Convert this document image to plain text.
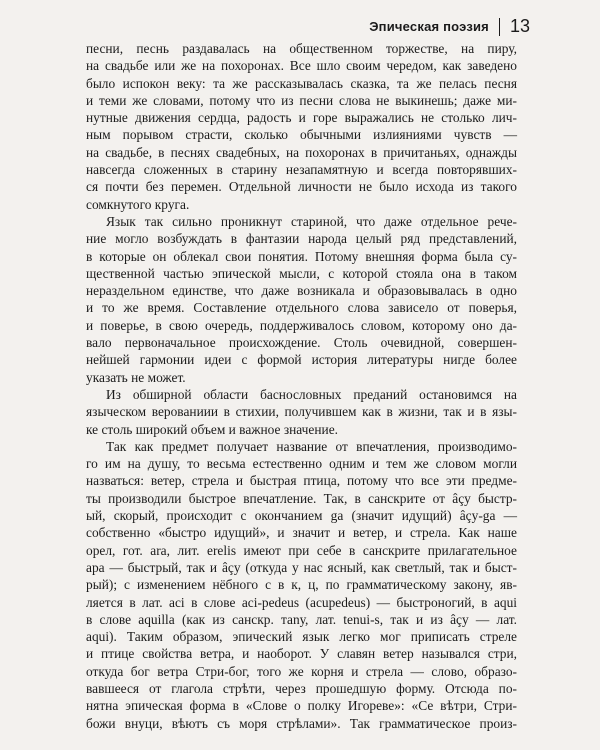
Эпическая поэзия 13
песни, песнь раздавалась на общественном торжестве, на пиру,
на свадьбе или же на похоронах. Все шло своим чередом, как заведено
было испокон веку: та же рассказывалась сказка, та же пелась песня
и теми же словами, потому что из песни слова не выкинешь; даже ми-
нутные движения сердца, радость и горе выражались не столько лич-
ным порывом страсти, сколько обычными излияниями чувств —
на свадьбе, в песнях свадебных, на похоронах в причитаньях, однажды
навсегда сложенных в старину незапамятную и всегда повторявших-
ся почти без перемен. Отдельной личности не было исхода из такого
сомкнутого круга.
Язык так сильно проникнут стариной, что даже отдельное рече-
ние могло возбуждать в фантазии народа целый ряд представлений,
в которые он облекал свои понятия. Потому внешняя форма была су-
щественной частью эпической мысли, с которой стояла она в таком
нераздельном единстве, что даже возникала и образовывалась в одно
и то же время. Составление отдельного слова зависело от поверья,
и поверье, в свою очередь, поддерживалось словом, которому оно да-
вало первоначальное происхождение. Столь очевидной, совершен-
нейшей гармонии идеи с формой история литературы нигде более
указать не может.
Из обширной области баснословных преданий остановимся на
языческом верованиии в стихии, получившем как в жизни, так и в язы-
ке столь широкий объем и важное значение.
Так как предмет получает название от впечатления, производимо-
го им на душу, то весьма естественно одним и тем же словом могли
назваться: ветер, стрела и быстрая птица, потому что все эти предме-
ты производили быстрое впечатление. Так, в санскрите от âçy быстр-
ый, скорый, происходит с окончанием ga (значит идущий) âçy-ga —
собственно «быстро идущий», и значит и ветер, и стрела. Как наше
орел, гот. ara, лит. erelis имеют при себе в санскрите прилагательное
apa — быстрый, так и âçy (откуда у нас ясный, как светлый, так и быст-
рый); с изменением нёбного c в к, ц, по грамматическому закону, яв-
ляется в лат. aci в слове aci-pedeus (acupedeus) — быстроногий, в aqui
в слове aquilla (как из санскр. таnу, лат. tenui-s, так и из âçy — лат.
aqui). Таким образом, эпический язык легко мог приписать стреле
и птице свойства ветра, и наоборот. У славян ветер назывался стри,
откуда бог ветра Стри-бог, того же корня и стрела — слово, образо-
вавшееся от глагола стрѣти, через прошедшую форму. Отсюда по-
нятна эпическая форма в «Слове о полку Игореве»: «Се вѣтри, Стри-
божи внуци, вѣютъ съ моря стрѣлами». Так грамматическое произ-
